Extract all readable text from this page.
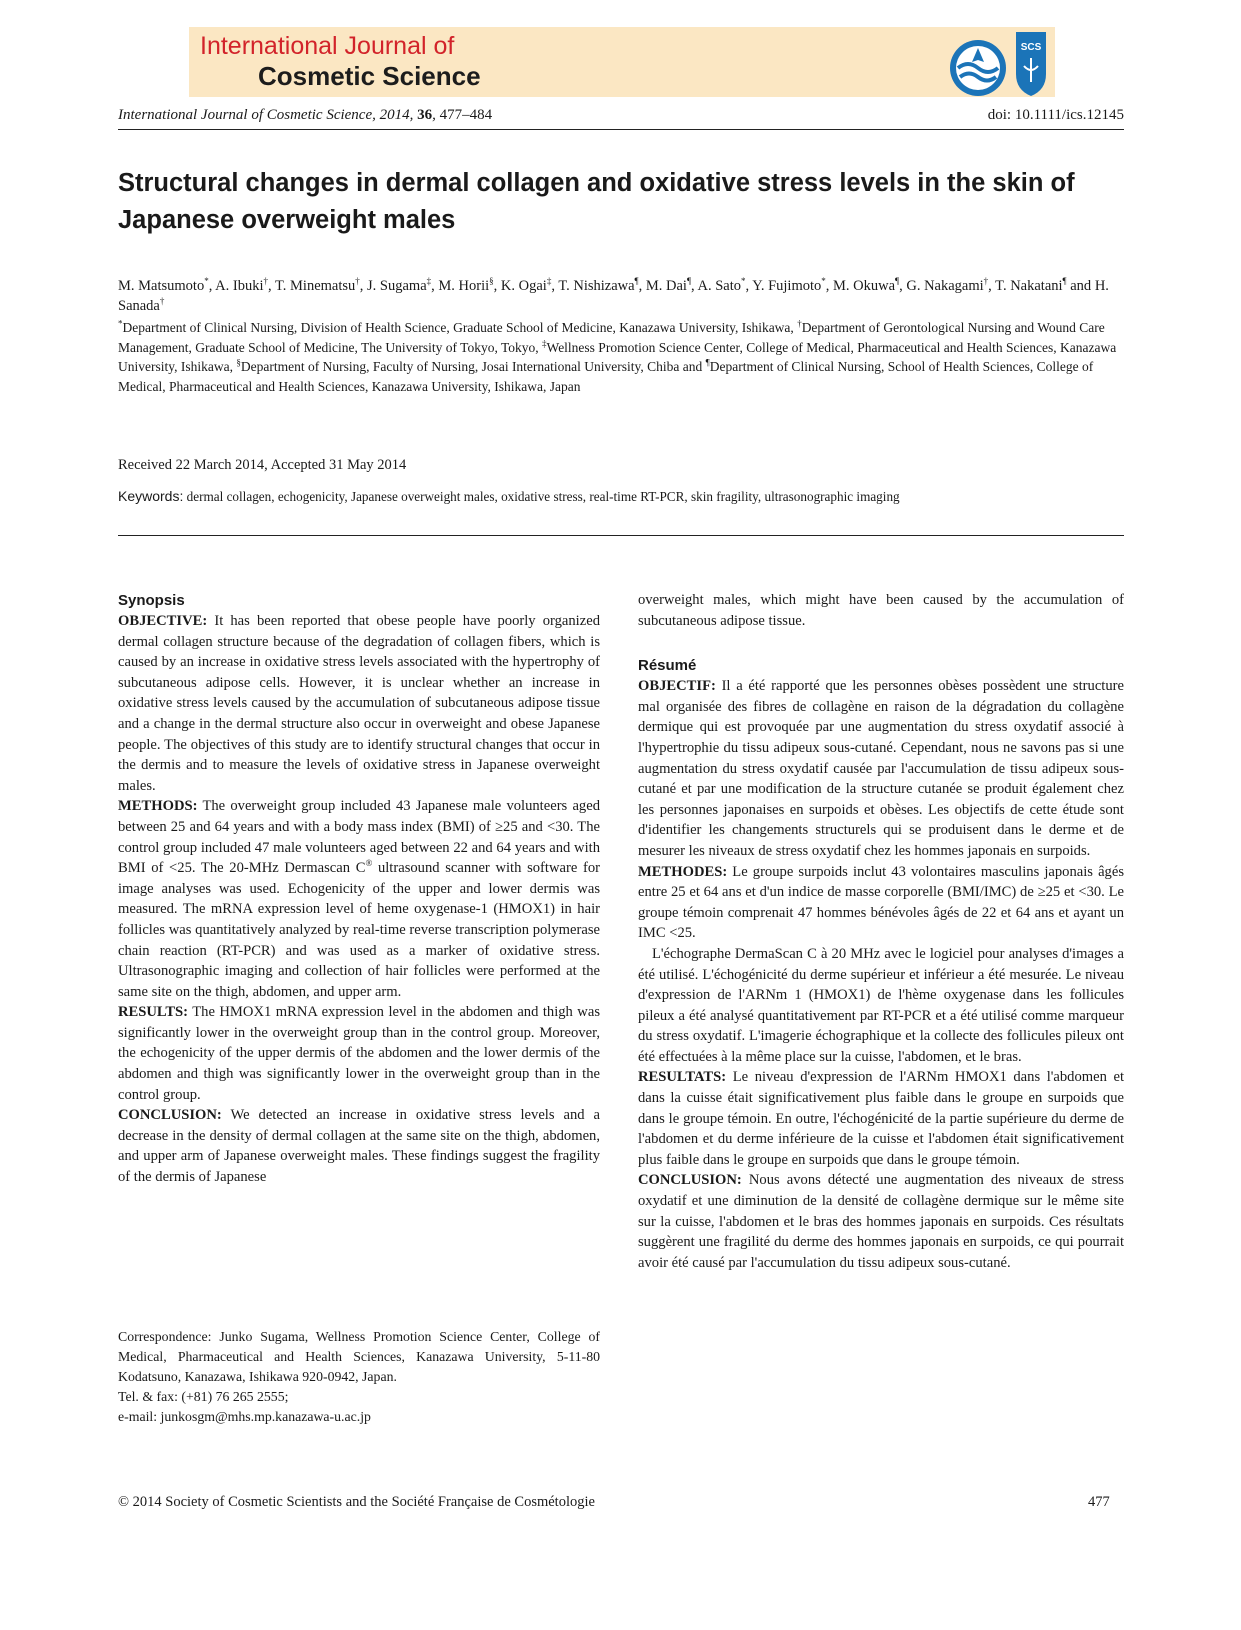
International Journal of
Cosmetic Science
SCS
International Journal of Cosmetic Science, 2014, 36, 477–484	doi: 10.1111/ics.12145
Structural changes in dermal collagen and oxidative stress levels in the skin of Japanese overweight males
M. Matsumoto*, A. Ibuki†, T. Minematsu†, J. Sugama‡, M. Horii§, K. Ogai‡, T. Nishizawa¶, M. Dai¶, A. Sato*, Y. Fujimoto*, M. Okuwa¶, G. Nakagami†, T. Nakatani¶ and H. Sanada†
*Department of Clinical Nursing, Division of Health Science, Graduate School of Medicine, Kanazawa University, Ishikawa, †Department of Gerontological Nursing and Wound Care Management, Graduate School of Medicine, The University of Tokyo, Tokyo, ‡Wellness Promotion Science Center, College of Medical, Pharmaceutical and Health Sciences, Kanazawa University, Ishikawa, §Department of Nursing, Faculty of Nursing, Josai International University, Chiba and ¶Department of Clinical Nursing, School of Health Sciences, College of Medical, Pharmaceutical and Health Sciences, Kanazawa University, Ishikawa, Japan
Received 22 March 2014, Accepted 31 May 2014
Keywords: dermal collagen, echogenicity, Japanese overweight males, oxidative stress, real-time RT-PCR, skin fragility, ultrasonographic imaging
Synopsis

OBJECTIVE: It has been reported that obese people have poorly organized dermal collagen structure because of the degradation of collagen fibers, which is caused by an increase in oxidative stress levels associated with the hypertrophy of subcutaneous adipose cells. However, it is unclear whether an increase in oxidative stress levels caused by the accumulation of subcutaneous adipose tissue and a change in the dermal structure also occur in overweight and obese Japanese people. The objectives of this study are to identify structural changes that occur in the dermis and to measure the levels of oxidative stress in Japanese overweight males.

METHODS: The overweight group included 43 Japanese male volunteers aged between 25 and 64 years and with a body mass index (BMI) of ≥25 and <30. The control group included 47 male volunteers aged between 22 and 64 years and with BMI of <25. The 20-MHz Dermascan C® ultrasound scanner with software for image analyses was used. Echogenicity of the upper and lower dermis was measured. The mRNA expression level of heme oxygenase-1 (HMOX1) in hair follicles was quantitatively analyzed by real-time reverse transcription polymerase chain reaction (RT-PCR) and was used as a marker of oxidative stress. Ultrasonographic imaging and collection of hair follicles were performed at the same site on the thigh, abdomen, and upper arm.

RESULTS: The HMOX1 mRNA expression level in the abdomen and thigh was significantly lower in the overweight group than in the control group. Moreover, the echogenicity of the upper dermis of the abdomen and the lower dermis of the abdomen and thigh was significantly lower in the overweight group than in the control group.

CONCLUSION: We detected an increase in oxidative stress levels and a decrease in the density of dermal collagen at the same site on the thigh, abdomen, and upper arm of Japanese overweight males. These findings suggest the fragility of the dermis of Japanese

Correspondence: Junko Sugama, Wellness Promotion Science Center, College of Medical, Pharmaceutical and Health Sciences, Kanazawa University, 5-11-80 Kodatsuno, Kanazawa, Ishikawa 920-0942, Japan.
Tel. & fax: (+81) 76 265 2555;
e-mail: junkosgm@mhs.mp.kanazawa-u.ac.jp

overweight males, which might have been caused by the accumulation of subcutaneous adipose tissue.

Résumé

OBJECTIF: Il a été rapporté que les personnes obèses possèdent une structure mal organisée des fibres de collagène en raison de la dégradation du collagène dermique qui est provoquée par une augmentation du stress oxydatif associé à l'hypertrophie du tissu adipeux sous-cutané. Cependant, nous ne savons pas si une augmentation du stress oxydatif causée par l'accumulation de tissu adipeux sous-cutané et par une modification de la structure cutanée se produit également chez les personnes japonaises en surpoids et obèses. Les objectifs de cette étude sont d'identifier les changements structurels qui se produisent dans le derme et de mesurer les niveaux de stress oxydatif chez les hommes japonais en surpoids.

METHODES: Le groupe surpoids inclut 43 volontaires masculins japonais âgés entre 25 et 64 ans et d'un indice de masse corporelle (BMI/IMC) de ≥25 et <30. Le groupe témoin comprenait 47 hommes bénévoles âgés de 22 et 64 ans et ayant un IMC <25.

L'échographe DermaScan C à 20 MHz avec le logiciel pour analyses d'images a été utilisé. L'échogénicité du derme supérieur et inférieur a été mesurée. Le niveau d'expression de l'ARNm 1 (HMOX1) de l'hème oxygenase dans les follicules pileux a été analysé quantitativement par RT-PCR et a été utilisé comme marqueur du stress oxydatif. L'imagerie échographique et la collecte des follicules pileux ont été effectuées à la même place sur la cuisse, l'abdomen, et le bras.

RESULTATS: Le niveau d'expression de l'ARNm HMOX1 dans l'abdomen et dans la cuisse était significativement plus faible dans le groupe en surpoids que dans le groupe témoin. En outre, l'échogénicité de la partie supérieure du derme de l'abdomen et du derme inférieure de la cuisse et l'abdomen était significativement plus faible dans le groupe en surpoids que dans le groupe témoin.

CONCLUSION: Nous avons détecté une augmentation des niveaux de stress oxydatif et une diminution de la densité de collagène dermique sur le même site sur la cuisse, l'abdomen et le bras des hommes japonais en surpoids. Ces résultats suggèrent une fragilité du derme des hommes japonais en surpoids, ce qui pourrait avoir été causé par l'accumulation du tissu adipeux sous-cutané.

© 2014 Society of Cosmetic Scientists and the Société Française de Cosmétologie	477
